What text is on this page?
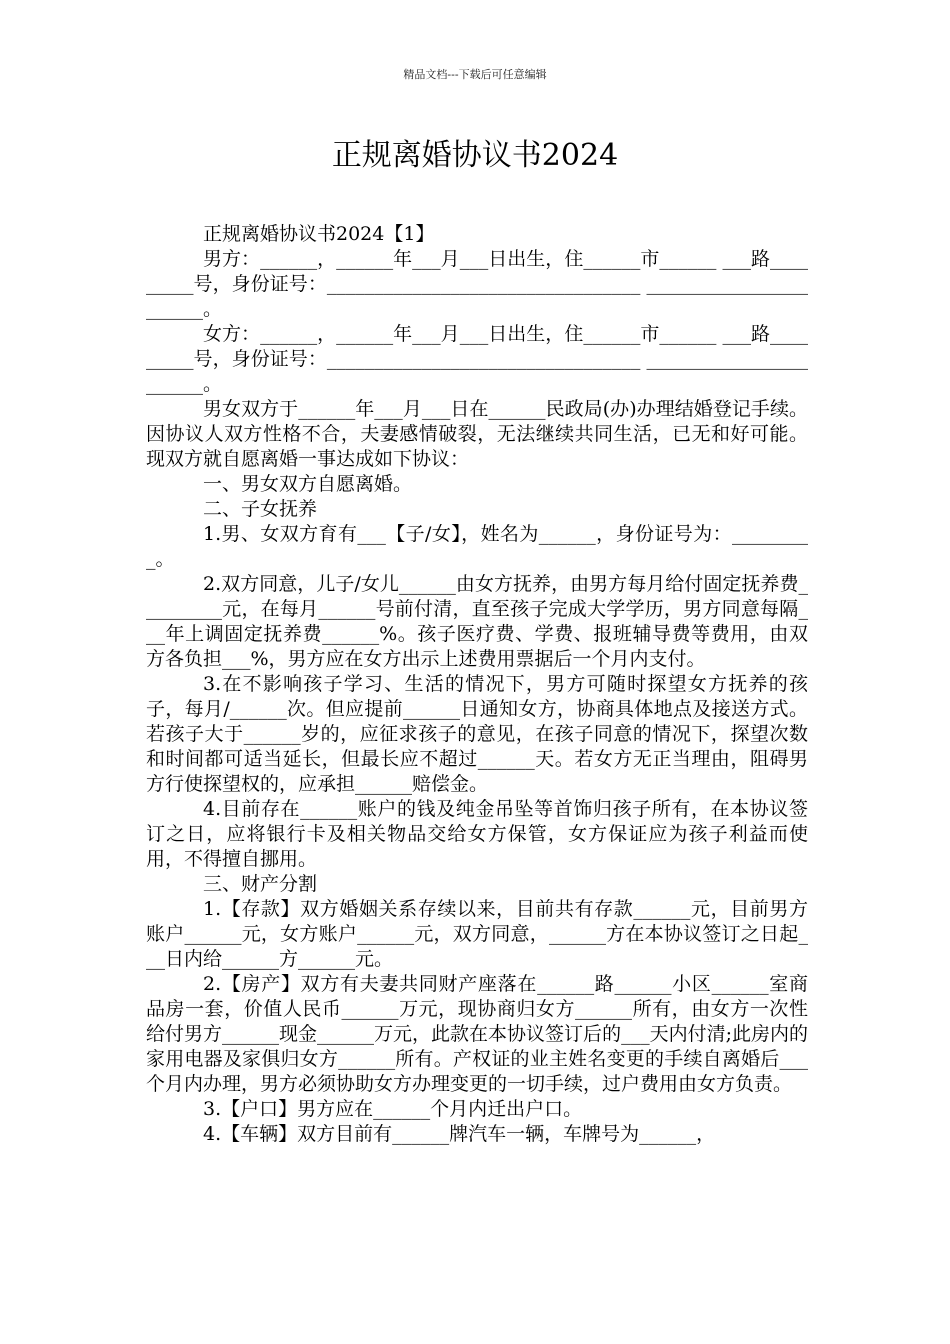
精品文档---下载后可任意编辑
正规离婚协议书2024

正规离婚协议书2024【1】

男方：______，______年___月___日出生，住______市______ ___路_________号，身份证号：_________________________________ _______________________。

女方：______，______年___月___日出生，住______市______ ___路_________号，身份证号：_________________________________ _______________________。

男女双方于______年___月___日在______民政局(办)办理结婚登记手续。因协议人双方性格不合，夫妻感情破裂，无法继续共同生活，已无和好可能。现双方就自愿离婚一事达成如下协议：

一、男女双方自愿离婚。

二、子女抚养

1.男、女双方育有___【子/女】，姓名为______，身份证号为：_________。

2.双方同意，儿子/女儿______由女方抚养，由男方每月给付固定抚养费_________元，在每月______号前付清，直至孩子完成大学学历，男方同意每隔___年上调固定抚养费______%。孩子医疗费、学费、报班辅导费等费用，由双方各负担___%，男方应在女方出示上述费用票据后一个月内支付。

3.在不影响孩子学习、生活的情况下，男方可随时探望女方抚养的孩子，每月/______次。但应提前______日通知女方，协商具体地点及接送方式。若孩子大于______岁的，应征求孩子的意见，在孩子同意的情况下，探望次数和时间都可适当延长，但最长应不超过______天。若女方无正当理由，阻碍男方行使探望权的，应承担______赔偿金。

4.目前存在______账户的钱及纯金吊坠等首饰归孩子所有，在本协议签订之日，应将银行卡及相关物品交给女方保管，女方保证应为孩子利益而使用，不得擅自挪用。

三、财产分割

1.【存款】双方婚姻关系存续以来，目前共有存款______元，目前男方账户______元，女方账户______元，双方同意，______方在本协议签订之日起___日内给______方______元。

2.【房产】双方有夫妻共同财产座落在______路______小区______室商品房一套，价值人民币______万元，现协商归女方______所有，由女方一次性给付男方______现金______万元，此款在本协议签订后的___天内付清;此房内的家用电器及家俱归女方______所有。产权证的业主姓名变更的手续自离婚后___个月内办理，男方必须协助女方办理变更的一切手续，过户费用由女方负责。

3.【户口】男方应在______个月内迁出户口。

4.【车辆】双方目前有______牌汽车一辆，车牌号为______，
